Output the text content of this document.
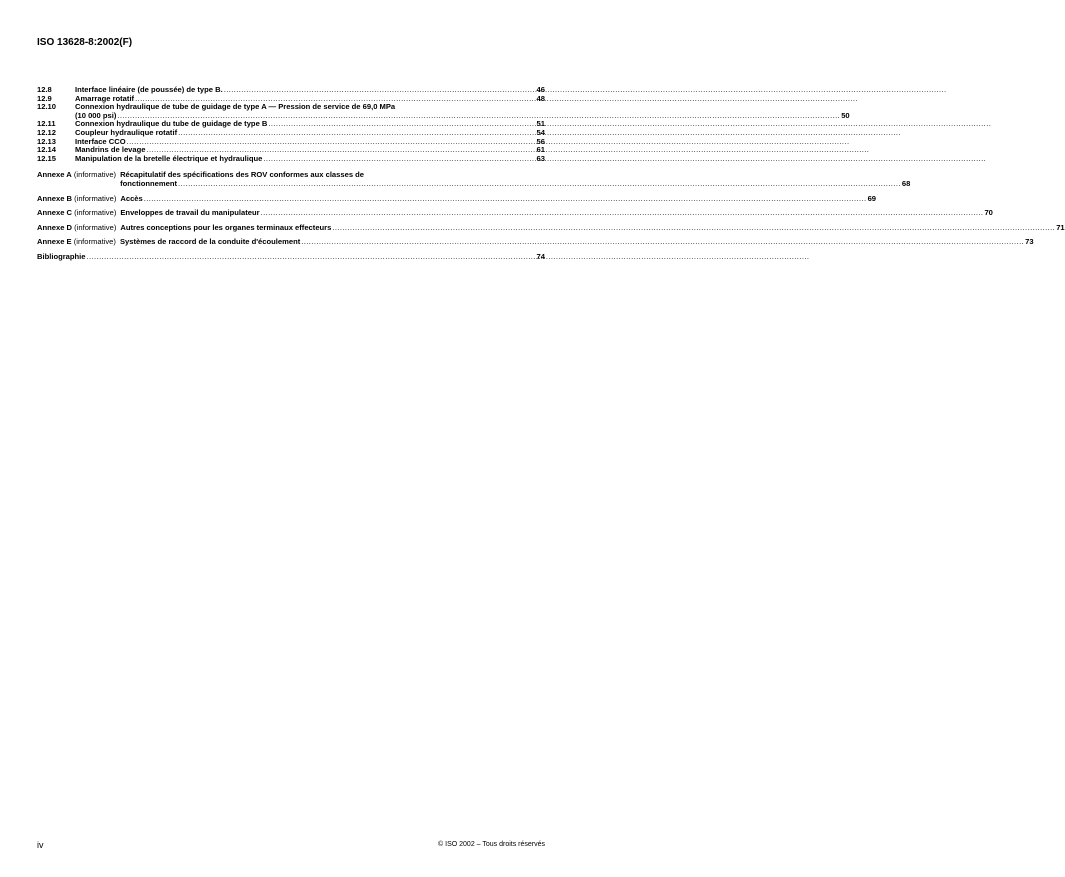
ISO 13628-8:2002(F)
12.8	Interface linéaire (de poussée) de type B. .....	46
12.9	Amarrage rotatif .....	48
12.10	Connexion hydraulique de tube de guidage de type A — Pression de service de 69,0 MPa
(10 000 psi) .....	50
12.11	Connexion hydraulique du tube de guidage de type B .....	51
12.12	Coupleur hydraulique rotatif .....	54
12.13	Interface CCO .....	56
12.14	Mandrins de levage .....	61
12.15	Manipulation de la bretelle électrique et hydraulique .....	63
Annexe A (informative) Récapitulatif des spécifications des ROV conformes aux classes de
fonctionnement .....	68
Annexe B (informative) Accès .....	69
Annexe C (informative) Enveloppes de travail du manipulateur .....	70
Annexe D (informative) Autres conceptions pour les organes terminaux effecteurs .....	71
Annexe E (informative) Systèmes de raccord de la conduite d'écoulement .....	73
Bibliographie .....	74
iv	© ISO 2002 – Tous droits réservés
